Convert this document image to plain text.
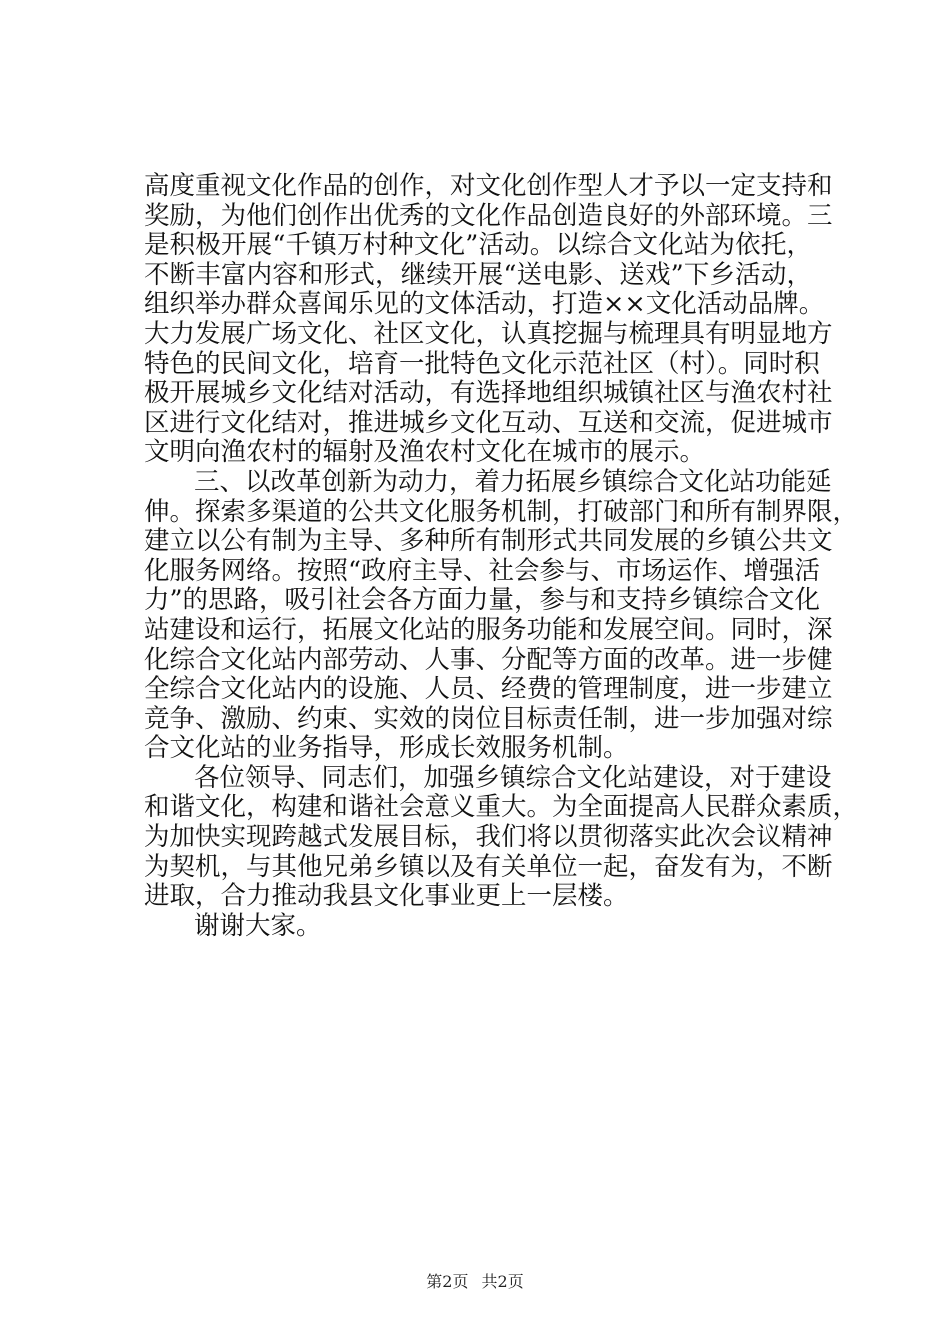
高度重视文化作品的创作，对文化创作型人才予以一定支持和
奖励，为他们创作出优秀的文化作品创造良好的外部环境。三
是积极开展“千镇万村种文化”活动。以综合文化站为依托，
不断丰富内容和形式，继续开展“送电影、送戏”下乡活动，
组织举办群众喜闻乐见的文体活动，打造××文化活动品牌。
大力发展广场文化、社区文化，认真挖掘与梳理具有明显地方
特色的民间文化，培育一批特色文化示范社区（村）。同时积
极开展城乡文化结对活动，有选择地组织城镇社区与渔农村社
区进行文化结对，推进城乡文化互动、互送和交流，促进城市
文明向渔农村的辐射及渔农村文化在城市的展示。
三、以改革创新为动力，着力拓展乡镇综合文化站功能延
伸。探索多渠道的公共文化服务机制，打破部门和所有制界限，
建立以公有制为主导、多种所有制形式共同发展的乡镇公共文
化服务网络。按照“政府主导、社会参与、市场运作、增强活
力”的思路，吸引社会各方面力量，参与和支持乡镇综合文化
站建设和运行，拓展文化站的服务功能和发展空间。同时，深
化综合文化站内部劳动、人事、分配等方面的改革。进一步健
全综合文化站内的设施、人员、经费的管理制度，进一步建立
竞争、激励、约束、实效的岗位目标责任制，进一步加强对综
合文化站的业务指导，形成长效服务机制。
各位领导、同志们，加强乡镇综合文化站建设，对于建设
和谐文化，构建和谐社会意义重大。为全面提高人民群众素质，
为加快实现跨越式发展目标，我们将以贯彻落实此次会议精神
为契机，与其他兄弟乡镇以及有关单位一起，奋发有为，不断
进取，合力推动我县文化事业更上一层楼。
谢谢大家。
第2页 共2页
